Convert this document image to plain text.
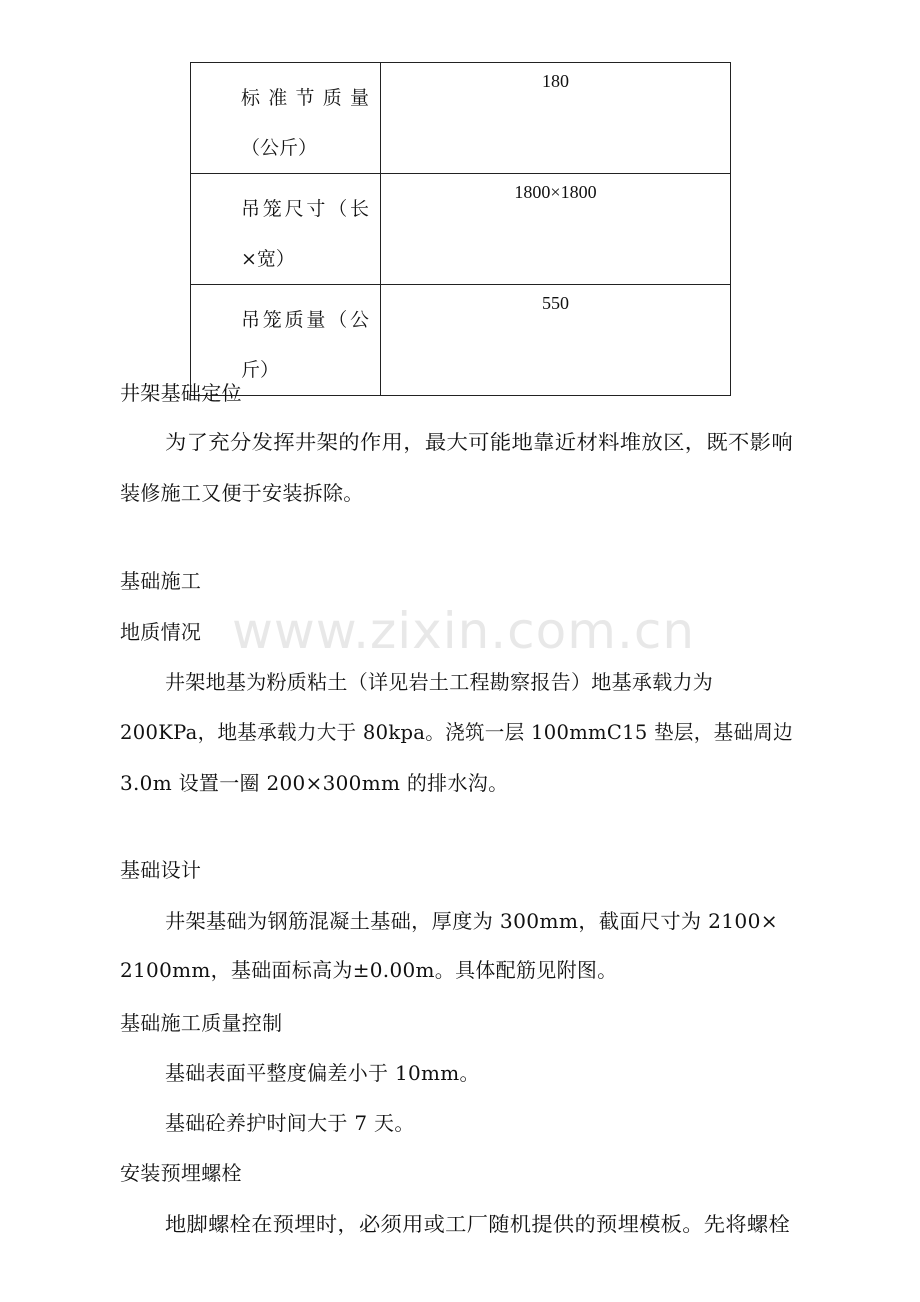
标准节质量（公斤）	180

吊笼尺寸（长×宽）	1800×1800

吊笼质量（公斤）	550
井架基础定位
为了充分发挥井架的作用，最大可能地靠近材料堆放区，既不影响
装修施工又便于安装拆除。
基础施工
地质情况
井架地基为粉质粘土（详见岩土工程勘察报告）地基承载力为
200KPa，地基承载力大于 80kpa。浇筑一层 100mmC15 垫层，基础周边
3.0m 设置一圈 200×300mm 的排水沟。
基础设计
井架基础为钢筋混凝土基础，厚度为 300mm，截面尺寸为 2100×
2100mm，基础面标高为±0.00m。具体配筋见附图。
基础施工质量控制
基础表面平整度偏差小于 10mm。
基础砼养护时间大于 7 天。
安装预埋螺栓
地脚螺栓在预埋时，必须用或工厂随机提供的预埋模板。先将螺栓
www.zixin.com.cn
